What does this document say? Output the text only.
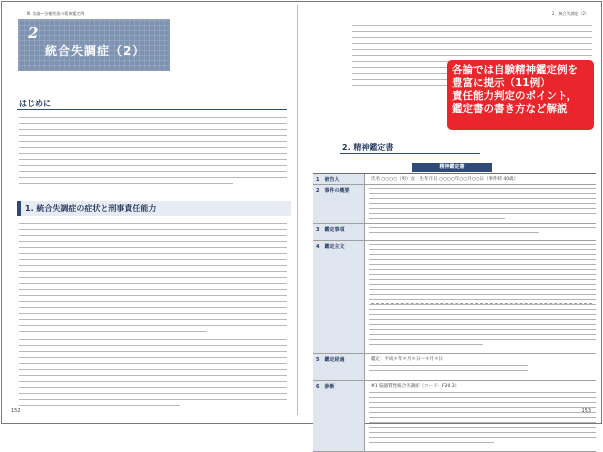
Ⅲ. 各論―各種疾患の精神鑑定例
2
統合失調症（2）
はじめに
1. 統合失調症の症状と刑事責任能力
152
2．統合失調症（2）
2. 精神鑑定書
精神鑑定書
1　 被告人	氏名 ○○○○（男）女　生年月日 ○○○○年○○月○○日（事件時 40歳）
2　 事件の概要
3　 鑑定事項
4　 鑑定主文
5　 鑑定経過	鑑定：平成＊年＊月＊日〜＊月＊日
6　 診断	#1 脳器質性統合失調症（コード：F20.3）
153
各論では自験精神鑑定例を
豊富に提示（11例）
責任能力判定のポイント，
鑑定書の書き方など解説
